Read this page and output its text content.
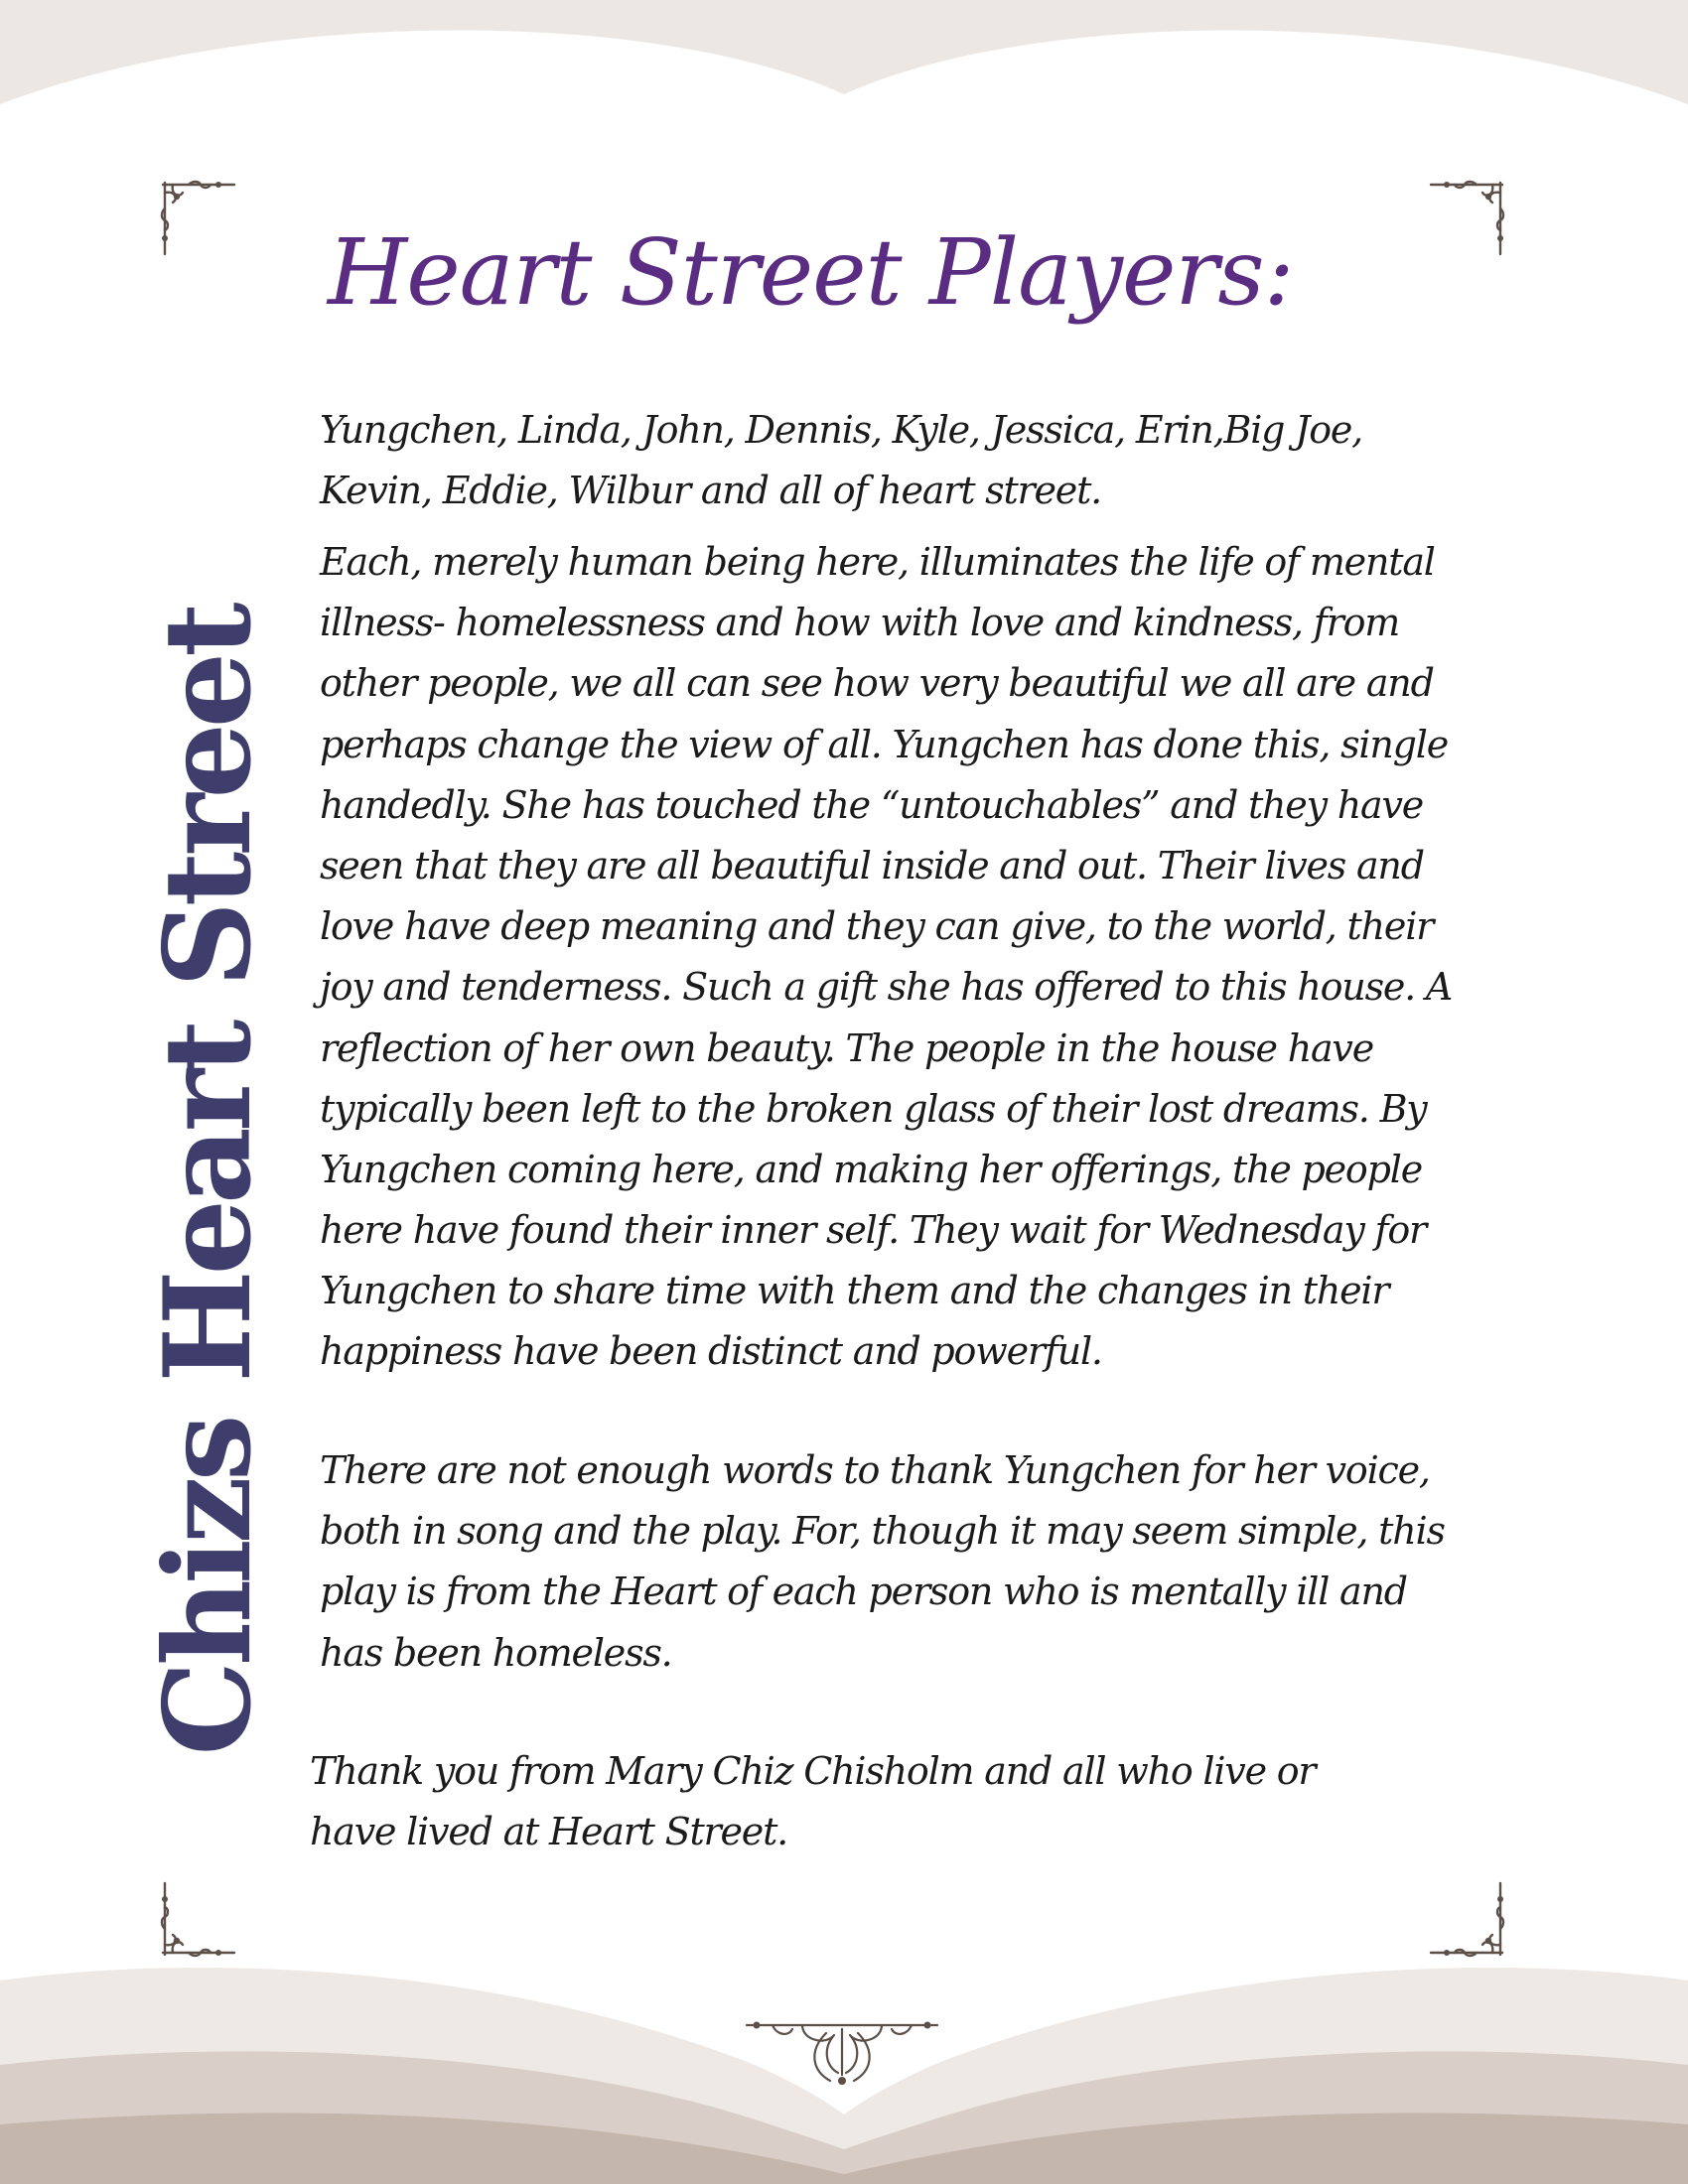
Chizs Heart Street
Heart Street Players:
Yungchen, Linda, John, Dennis, Kyle, Jessica, Erin,Big Joe,
Kevin, Eddie, Wilbur and all of heart street.
Each, merely human being here, illuminates the life of mental
illness- homelessness and how with love and kindness, from
other people, we all can see how very beautiful we all are and
perhaps change the view of all. Yungchen has done this, single
handedly. She has touched the “untouchables” and they have
seen that they are all beautiful inside and out. Their lives and
love have deep meaning and they can give, to the world, their
joy and tenderness. Such a gift she has offered to this house. A
reflection of her own beauty. The people in the house have
typically been left to the broken glass of their lost dreams. By
Yungchen coming here, and making her offerings, the people
here have found their inner self. They wait for Wednesday for
Yungchen to share time with them and the changes in their
happiness have been distinct and powerful.
There are not enough words to thank Yungchen for her voice,
both in song and the play. For, though it may seem simple, this
play is from the Heart of each person who is mentally ill and
has been homeless.
Thank you from Mary Chiz Chisholm and all who live or
have lived at Heart Street.
